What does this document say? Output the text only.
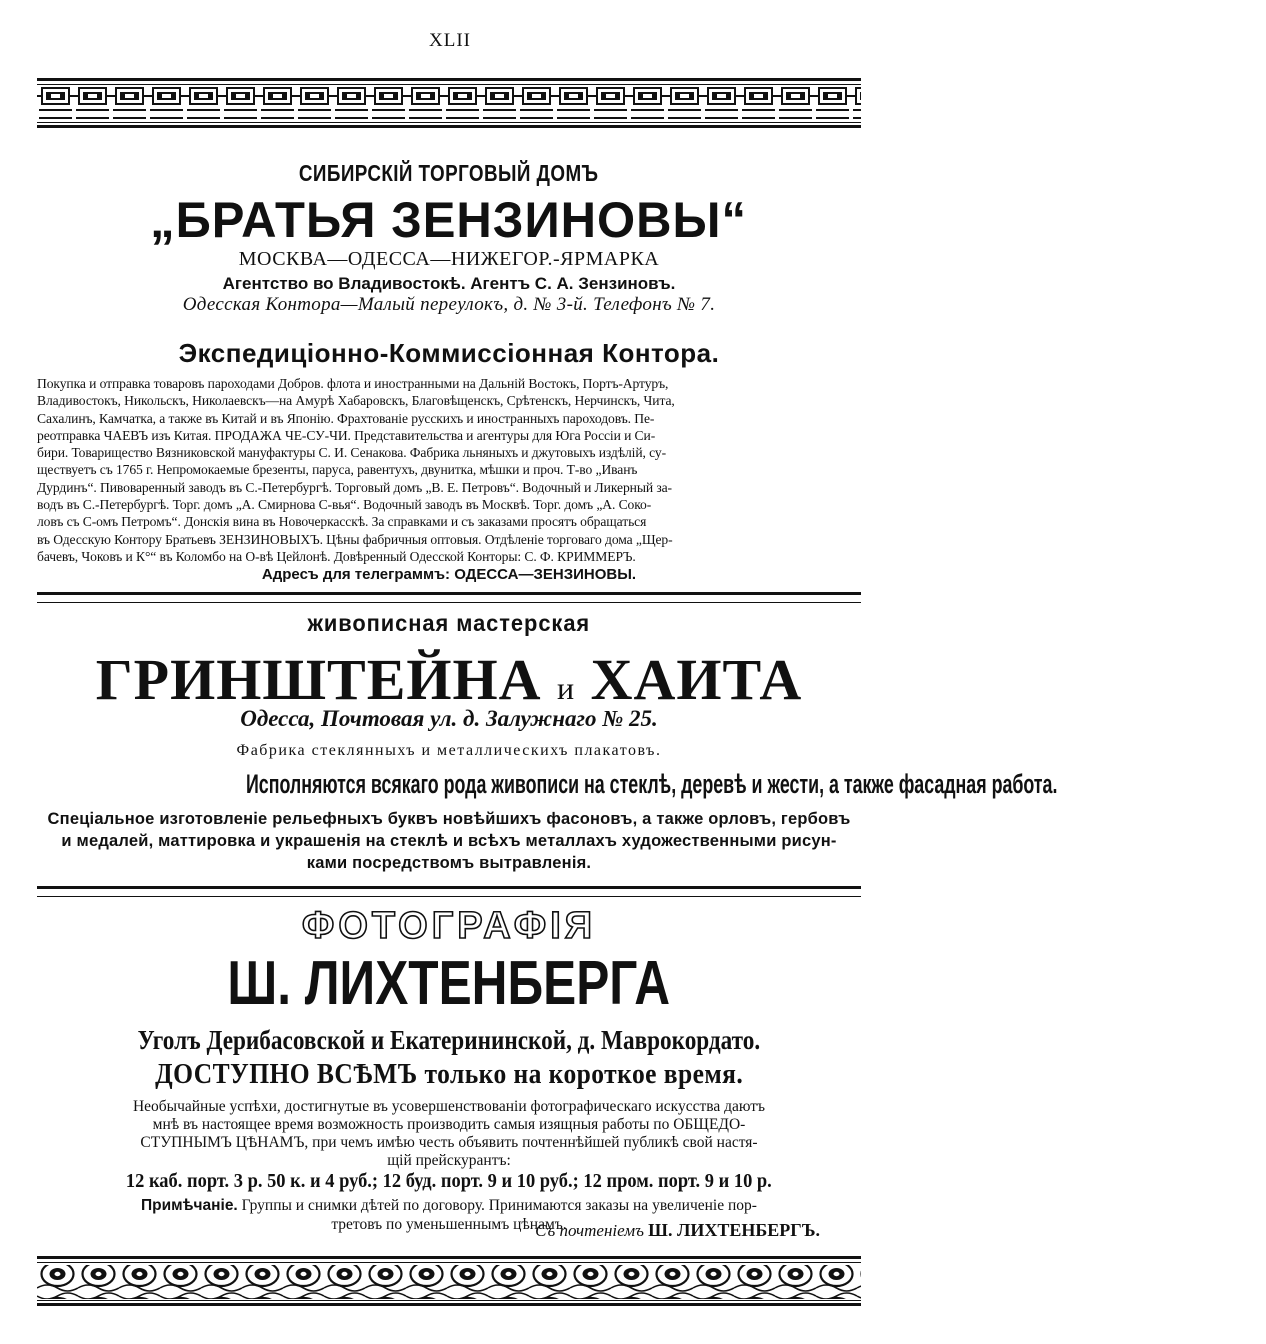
XLII
СИБИРСКІЙ ТОРГОВЫЙ ДОМЪ
„БРАТЬЯ ЗЕНЗИНОВЫ“
МОСКВА—ОДЕССА—НИЖЕГОР.-ЯРМАРКА
Агентство во Владивостокѣ. Агентъ С. А. Зензиновъ.
Одесская Контора—Малый переулокъ, д. № 3-й. Телефонъ № 7.
Экспедиціонно-Коммиссіонная Контора.
Покупка и отправка товаровъ пароходами Добров. флота и иностранными на Дальній Востокъ, Портъ-Артуръ,
Владивостокъ, Никольскъ, Николаевскъ—на Амурѣ Хабаровскъ, Благовѣщенскъ, Срѣтенскъ, Нерчинскъ, Чита,
Сахалинъ, Камчатка, а также въ Китай и въ Японію. Фрахтованіе русскихъ и иностранныхъ пароходовъ. Пе-
реотправка ЧАЕВЪ изъ Китая. ПРОДАЖА ЧЕ-СУ-ЧИ. Представительства и агентуры для Юга Россіи и Си-
бири. Товарищество Вязниковской мануфактуры С. И. Сенакова. Фабрика льняныхъ и джутовыхъ издѣлій, су-
ществуетъ съ 1765 г. Непромокаемые брезенты, паруса, равентухъ, двунитка, мѣшки и проч. Т-во „Иванъ
Дурдинъ“. Пивоваренный заводъ въ С.-Петербургѣ. Торговый домъ „В. Е. Петровъ“. Водочный и Ликерный за-
водъ въ С.-Петербургѣ. Торг. домъ „А. Смирнова С-вья“. Водочный заводъ въ Москвѣ. Торг. домъ „А. Соко-
ловъ съ С-омъ Петромъ“. Донскія вина въ Новочеркасскѣ. За справками и съ заказами просятъ обращаться
въ Одесскую Контору Братьевъ ЗЕНЗИНОВЫХЪ. Цѣны фабричныя оптовыя. Отдѣленіе торговаго дома „Щер-
бачевъ, Чоковъ и К°“ въ Коломбо на О-вѣ Цейлонѣ. Довѣренный Одесской Конторы: С. Ф. КРИММЕРЪ.
Адресъ для телеграммъ: ОДЕССА—ЗЕНЗИНОВЫ.
живописная мастерская
ГРИНШТЕЙНА и ХАИТА
Одесса, Почтовая ул. д. Залужнаго № 25.
Фабрика стеклянныхъ и металлическихъ плакатовъ.
Исполняются всякаго рода живописи на стеклѣ, деревѣ и жести, а также фасадная работа.
Спеціальное изготовленіе рельефныхъ буквъ новѣйшихъ фасоновъ, а также орловъ, гербовъ
и медалей, маттировка и украшенія на стеклѣ и всѣхъ металлахъ художественными рисун-
ками посредствомъ вытравленія.
ФОТОГРАФІЯ
Ш. ЛИХТЕНБЕРГА
Уголъ Дерибасовской и Екатерининской, д. Маврокордато.
ДОСТУПНО ВСѢМЪ только на короткое время.
Необычайные успѣхи, достигнутые въ усовершенствованіи фотографическаго искусства даютъ
мнѣ въ настоящее время возможность производить самыя изящныя работы по ОБЩЕДО-
СТУПНЫМЪ ЦѢНАМЪ, при чемъ имѣю честь объявить почтеннѣйшей публикѣ свой настя-
щій прейскурантъ:
12 каб. порт. 3 р. 50 к. и 4 руб.; 12 буд. порт. 9 и 10 руб.; 12 пром. порт. 9 и 10 р.
Примѣчаніе. Группы и снимки дѣтей по договору. Принимаются заказы на увеличеніе пор-
третовъ по уменьшеннымъ цѣнамъ.
Съ почтеніемъ Ш. ЛИХТЕНБЕРГЪ.
